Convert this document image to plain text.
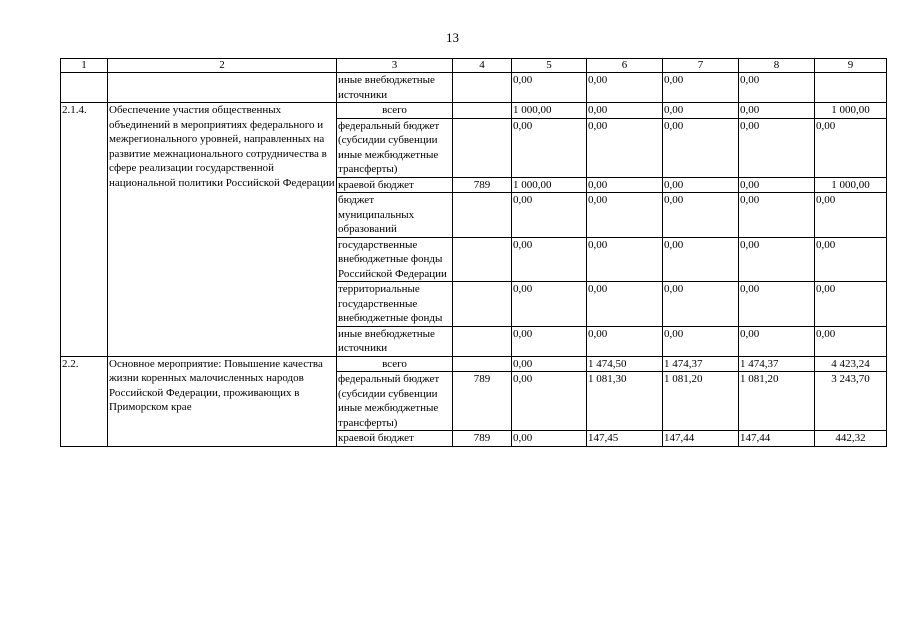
13
1	2	3	4	5	6	7	8	9
		иные внебюджетные источники		0,00	0,00	0,00	0,00	
2.1.4.	Обеспечение участия общественных объединений в мероприятиях федерального и межрегионального уровней, направленных на развитие межнационального сотрудничества в сфере реализации государственной национальной политики Российской Федерации	всего		1 000,00	0,00	0,00	0,00	1 000,00
		федеральный бюджет (субсидии субвенции иные межбюджетные трансферты)		0,00	0,00	0,00	0,00	0,00
		краевой бюджет	789	1 000,00	0,00	0,00	0,00	1 000,00
		бюджет муниципальных образований		0,00	0,00	0,00	0,00	0,00
		государственные внебюджетные фонды Российской Федерации		0,00	0,00	0,00	0,00	0,00
		территориальные государственные внебюджетные фонды		0,00	0,00	0,00	0,00	0,00
		иные внебюджетные источники		0,00	0,00	0,00	0,00	0,00
2.2.	Основное мероприятие: Повышение качества жизни коренных малочисленных народов Российской Федерации, проживающих в Приморском крае	всего		0,00	1 474,50	1 474,37	1 474,37	4 423,24
		федеральный бюджет (субсидии субвенции иные межбюджетные трансферты)	789	0,00	1 081,30	1 081,20	1 081,20	3 243,70
		краевой бюджет	789	0,00	147,45	147,44	147,44	442,32
